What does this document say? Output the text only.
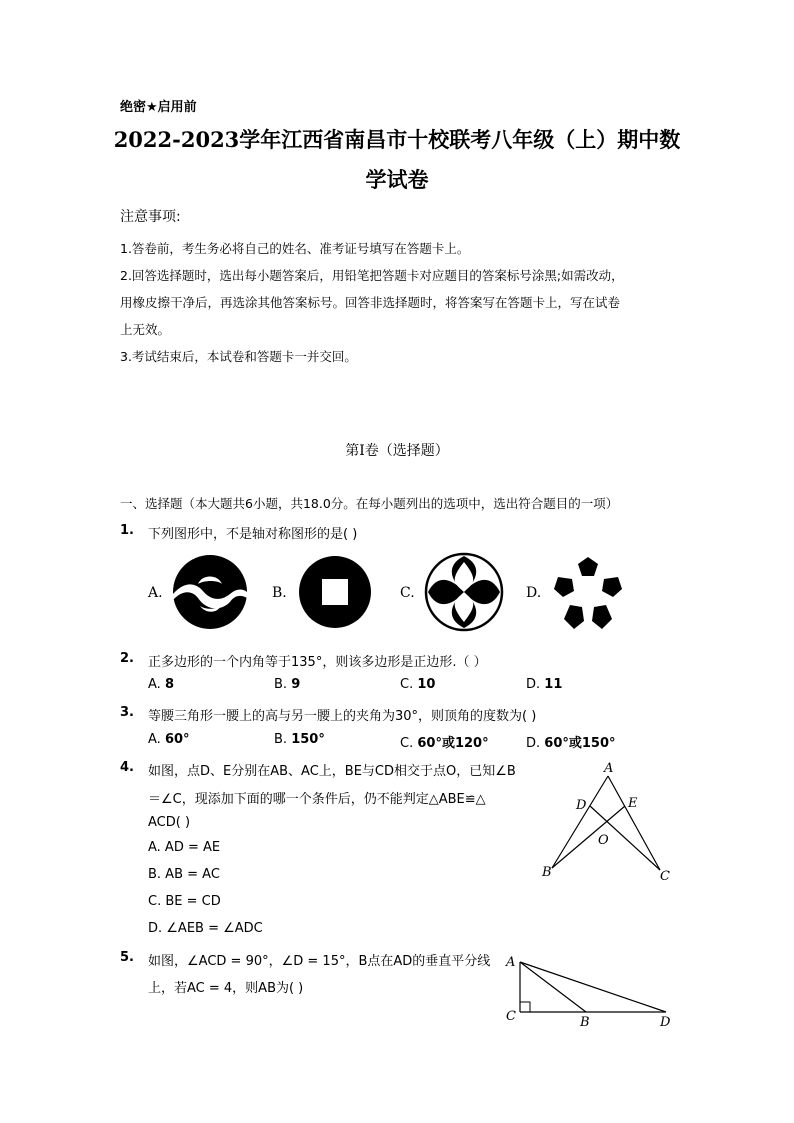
绝密★启用前
2022-2023学年江西省南昌市十校联考八年级（上）期中数
学试卷
注意事项:
1.答卷前，考生务必将自己的姓名、准考证号填写在答题卡上。
2.回答选择题时，选出每小题答案后，用铅笔把答题卡对应题目的答案标号涂黑;如需改动，
用橡皮擦干净后，再选涂其他答案标号。回答非选择题时，将答案写在答题卡上，写在试卷
上无效。
3.考试结束后，本试卷和答题卡一并交回。
第I卷（选择题）
一、选择题（本大题共6小题，共18.0分。在每小题列出的选项中，选出符合题目的一项）
1. 下列图形中，不是轴对称图形的是( )
A.	B.	C.	D.
2. 正多边形的一个内角等于135°，则该多边形是正边形.（ ）
A. 8	B. 9	C. 10	D. 11
3. 等腰三角形一腰上的高与另一腰上的夹角为30°，则顶角的度数为( )
A. 60°	B. 150°	C. 60°或120°	D. 60°或150°
4. 如图，点D、E分别在AB、AC上，BE与CD相交于点O，已知∠B
＝∠C，现添加下面的哪一个条件后，仍不能判定△ABE≌△
ACD( )
A. AD = AE
B. AB = AC
C. BE = CD
D. ∠AEB = ∠ADC
A
D	E
O
B	C
5. 如图，∠ACD = 90°，∠D = 15°，B点在AD的垂直平分线
上，若AC = 4，则AB为( )
A
C	B	D
